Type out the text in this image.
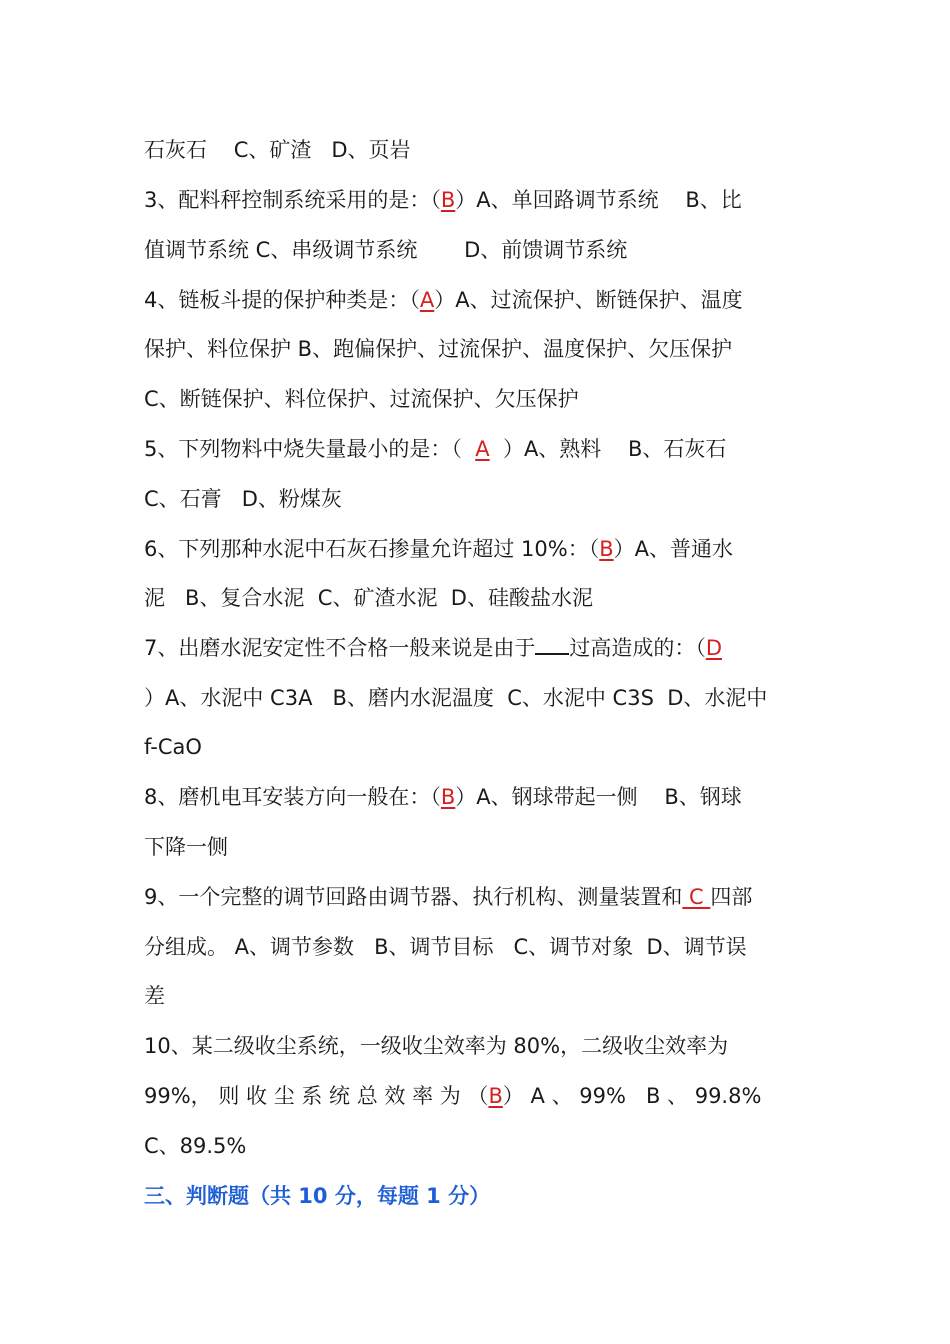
石灰石    C、矿渣   D、页岩
3、配料秤控制系统采用的是：（B）A、单回路调节系统    B、比
值调节系统 C、串级调节系统       D、前馈调节系统
4、链板斗提的保护种类是：（A）A、过流保护、断链保护、温度
保护、料位保护 B、跑偏保护、过流保护、温度保护、欠压保护
C、断链保护、料位保护、过流保护、欠压保护
5、下列物料中烧失量最小的是：（  A  ）A、熟料    B、石灰石
C、石膏   D、粉煤灰
6、下列那种水泥中石灰石掺量允许超过 10%：（B）A、普通水
泥   B、复合水泥  C、矿渣水泥  D、硅酸盐水泥
7、出磨水泥安定性不合格一般来说是由于 过高造成的：（D
）A、水泥中 C3A   B、磨内水泥温度  C、水泥中 C3S  D、水泥中
f-CaO
8、磨机电耳安装方向一般在：（B）A、钢球带起一侧    B、钢球
下降一侧
9、一个完整的调节回路由调节器、执行机构、测量装置和 C 四部
分组成。 A、调节参数   B、调节目标   C、调节对象  D、调节误
差
10、某二级收尘系统，一级收尘效率为 80%，二级收尘效率为
99%， 则 收 尘 系 统 总 效 率 为 （B） A 、 99%   B 、 99.8%
C、89.5%
三、判断题（共 10 分，每题 1 分）
